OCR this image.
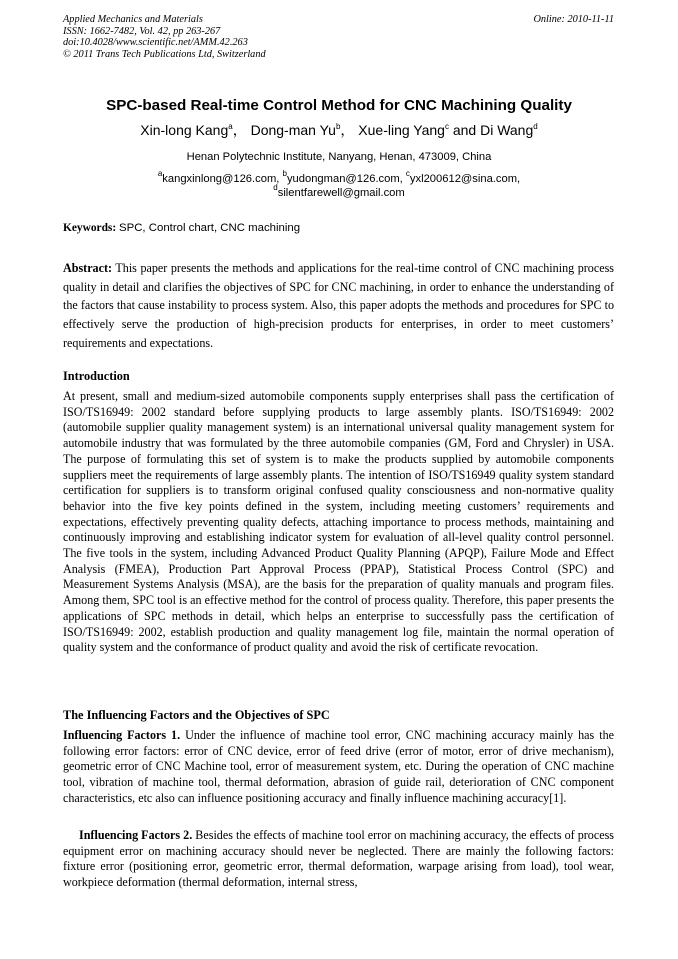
Applied Mechanics and Materials
ISSN: 1662-7482, Vol. 42, pp 263-267
doi:10.4028/www.scientific.net/AMM.42.263
© 2011 Trans Tech Publications Ltd, Switzerland
Online: 2010-11-11
SPC-based Real-time Control Method for CNC Machining Quality
Xin-long Kang$^a$， Dong-man Yu$^b$， Xue-ling Yang$^c$ and Di Wang$^d$
Henan Polytechnic Institute, Nanyang, Henan, 473009, China
$^a$kangxinlong@126.com, $^b$yudongman@126.com, $^c$yxl200612@sina.com,
$^d$silentfarewell@gmail.com
Keywords: SPC, Control chart, CNC machining
Abstract: This paper presents the methods and applications for the real-time control of CNC machining process quality in detail and clarifies the objectives of SPC for CNC machining, in order to enhance the understanding of the factors that cause instability to process system. Also, this paper adopts the methods and procedures for SPC to effectively serve the production of high-precision products for enterprises, in order to meet customers’ requirements and expectations.
Introduction
At present, small and medium-sized automobile components supply enterprises shall pass the certification of ISO/TS16949: 2002 standard before supplying products to large assembly plants. ISO/TS16949: 2002 (automobile supplier quality management system) is an international universal quality management system for automobile industry that was formulated by the three automobile companies (GM, Ford and Chrysler) in USA. The purpose of formulating this set of system is to make the products supplied by automobile components suppliers meet the requirements of large assembly plants. The intention of ISO/TS16949 quality system standard certification for suppliers is to transform original confused quality consciousness and non-normative quality behavior into the five key points defined in the system, including meeting customers’ requirements and expectations, effectively preventing quality defects, attaching importance to process methods, maintaining and continuously improving and establishing indicator system for evaluation of all-level quality control personnel. The five tools in the system, including Advanced Product Quality Planning (APQP), Failure Mode and Effect Analysis (FMEA), Production Part Approval Process (PPAP), Statistical Process Control (SPC) and Measurement Systems Analysis (MSA), are the basis for the preparation of quality manuals and program files. Among them, SPC tool is an effective method for the control of process quality. Therefore, this paper presents the applications of SPC methods in detail, which helps an enterprise to successfully pass the certification of ISO/TS16949: 2002, establish production and quality management log file, maintain the normal operation of quality system and the conformance of product quality and avoid the risk of certificate revocation.
The Influencing Factors and the Objectives of SPC
Influencing Factors 1. Under the influence of machine tool error, CNC machining accuracy mainly has the following error factors: error of CNC device, error of feed drive (error of motor, error of drive mechanism), geometric error of CNC Machine tool, error of measurement system, etc. During the operation of CNC machine tool, vibration of machine tool, thermal deformation, abrasion of guide rail, deterioration of CNC component characteristics, etc also can influence positioning accuracy and finally influence machining accuracy[1].
Influencing Factors 2. Besides the effects of machine tool error on machining accuracy, the effects of process equipment error on machining accuracy should never be neglected. There are mainly the following factors: fixture error (positioning error, geometric error, thermal deformation, warpage arising from load), tool wear, workpiece deformation (thermal deformation, internal stress,
